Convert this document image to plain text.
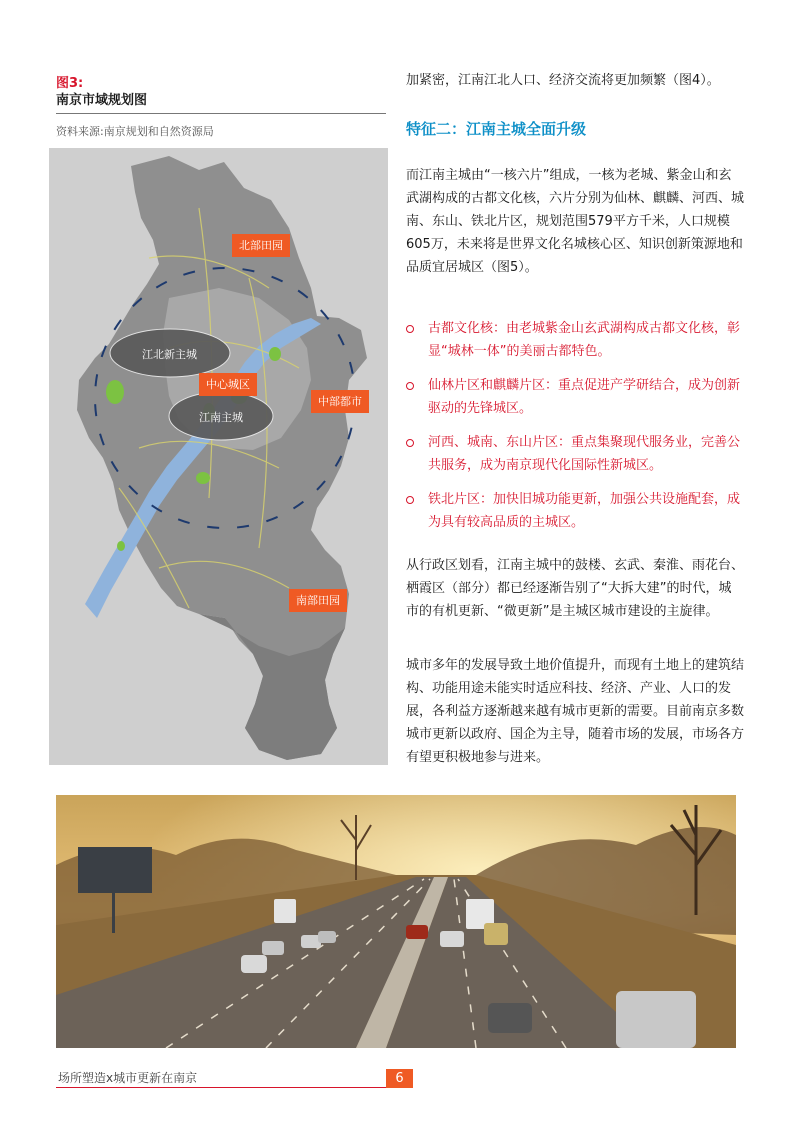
图3:
南京市域规划图
资料来源:南京规划和自然资源局
江北新主城
江南主城
北部田园
中心城区
中部都市
南部田园
加紧密，江南江北人口、经济交流将更加频繁（图4）。
特征二：江南主城全面升级
而江南主城由“一核六片”组成，一核为老城、紫金山和玄武湖构成的古都文化核，六片分别为仙林、麒麟、河西、城南、东山、铁北片区，规划范围579平方千米，人口规模605万，未来将是世界文化名城核心区、知识创新策源地和品质宜居城区（图5）。
古都文化核：由老城紫金山玄武湖构成古都文化核，彰显“城林一体”的美丽古都特色。
仙林片区和麒麟片区：重点促进产学研结合，成为创新驱动的先锋城区。
河西、城南、东山片区：重点集聚现代服务业，完善公共服务，成为南京现代化国际性新城区。
铁北片区：加快旧城功能更新，加强公共设施配套，成为具有较高品质的主城区。
从行政区划看，江南主城中的鼓楼、玄武、秦淮、雨花台、栖霞区（部分）都已经逐渐告别了“大拆大建”的时代，城市的有机更新、“微更新”是主城区城市建设的主旋律。
城市多年的发展导致土地价值提升，而现有土地上的建筑结构、功能用途未能实时适应科技、经济、产业、人口的发展，各利益方逐渐越来越有城市更新的需要。目前南京多数城市更新以政府、国企为主导，随着市场的发展，市场各方有望更积极地参与进来。
场所塑造x城市更新在南京	6
